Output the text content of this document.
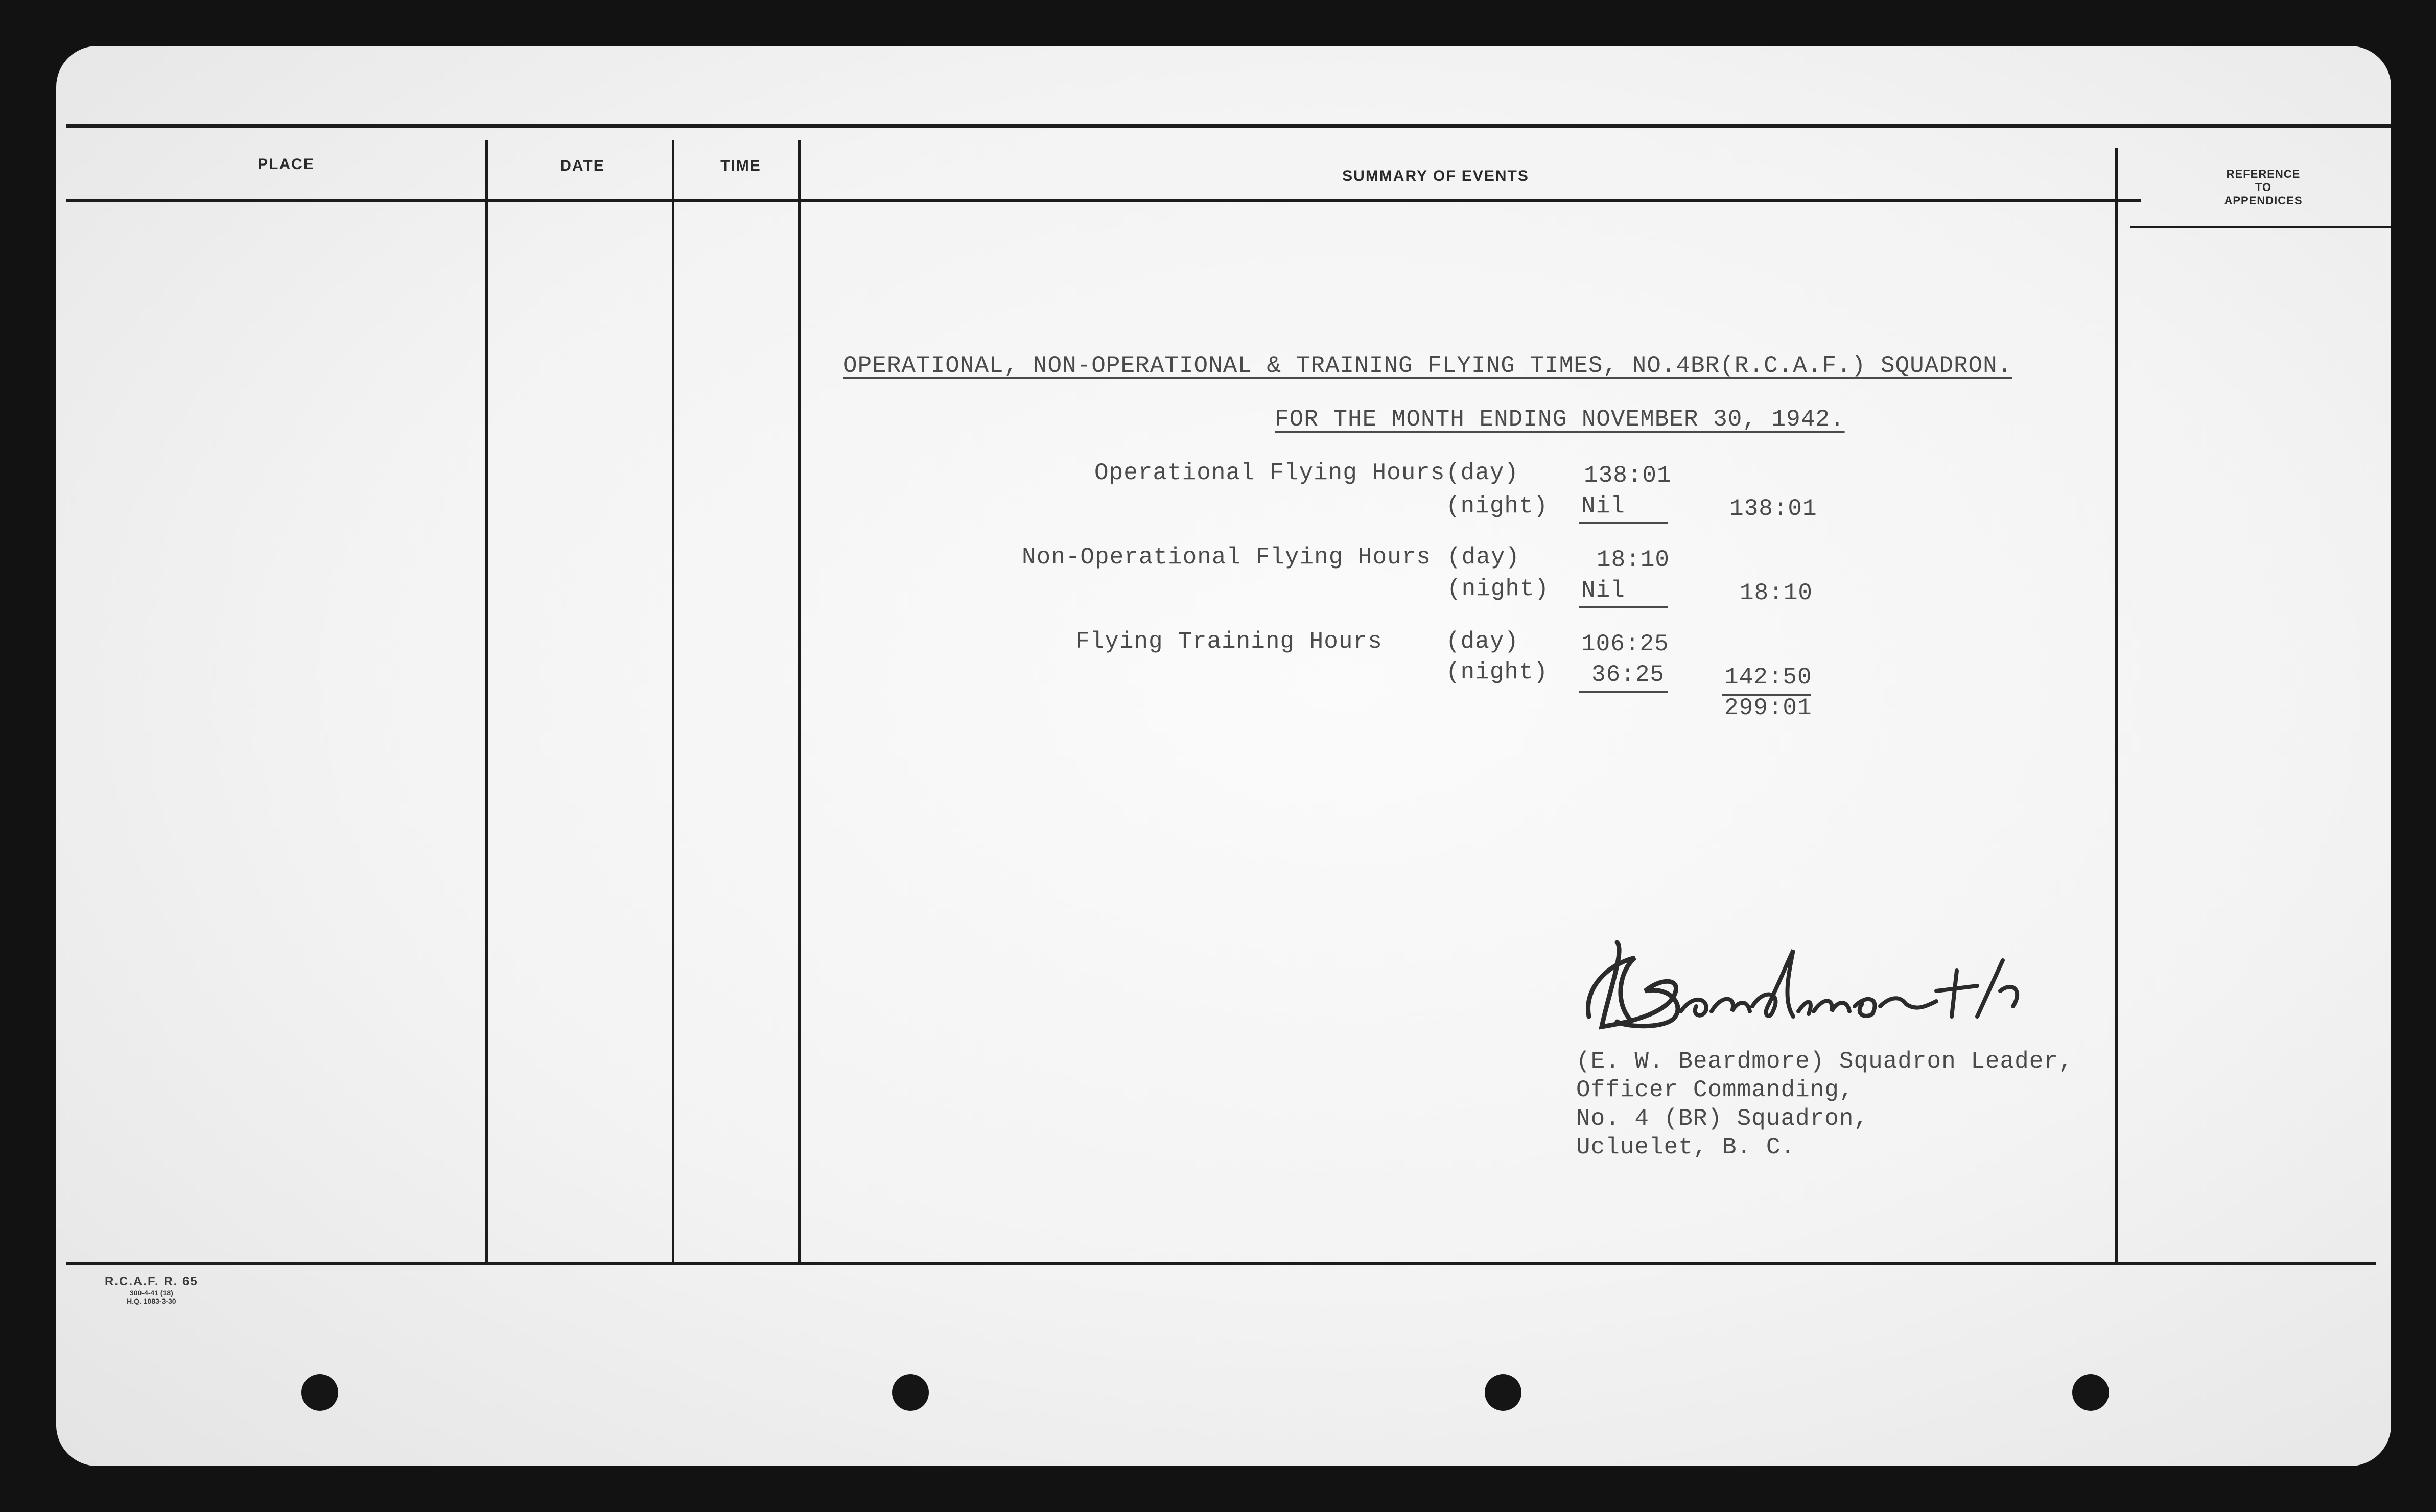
PLACE	DATE	TIME
SUMMARY OF EVENTS	REFERENCE
TO
APPENDICES
OPERATIONAL, NON-OPERATIONAL & TRAINING FLYING TIMES, NO.4BR(R.C.A.F.) SQUADRON.
FOR THE MONTH ENDING NOVEMBER 30, 1942.
Operational Flying Hours (day)	138:01
(night) Nil	138:01
Non-Operational Flying Hours (day)	18:10
(night) Nil	18:10
Flying Training Hours	(day)	106:25
(night) 36:25	142:50
299:01
(E. W. Beardmore) Squadron Leader,
Officer Commanding,
No. 4 (BR) Squadron,
Ucluelet, B. C.
R.C.A.F. R. 65
300-4-41 (18)
H.Q. 1083-3-30
